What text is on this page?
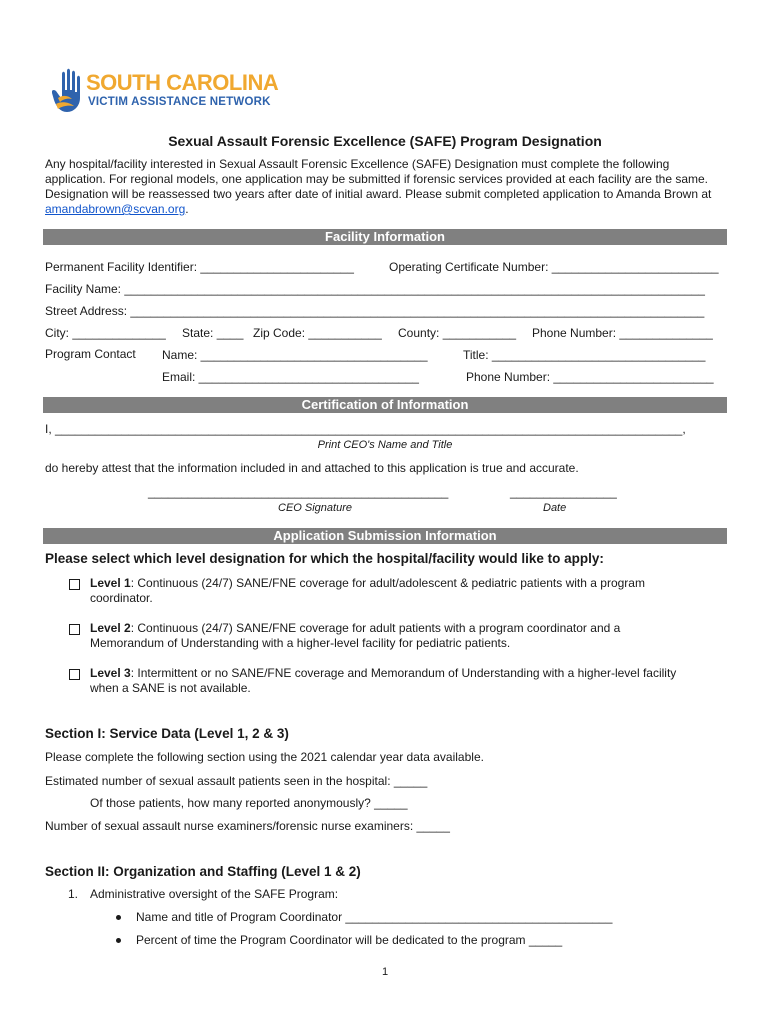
SOUTH CAROLINA
VICTIM ASSISTANCE NETWORK
Sexual Assault Forensic Excellence (SAFE) Program Designation
Any hospital/facility interested in Sexual Assault Forensic Excellence (SAFE) Designation must complete the following application. For regional models, one application may be submitted if forensic services provided at each facility are the same. Designation will be reassessed two years after date of initial award. Please submit completed application to Amanda Brown at amandabrown@scvan.org.
Facility Information
Permanent Facility Identifier: _______________________	Operating Certificate Number: _________________________
Facility Name: _______________________________________________________________________________________
Street Address: ______________________________________________________________________________________
City: ______________ State: ____ Zip Code: ___________ County: ___________ Phone Number: ______________
Program Contact Name: __________________________________	Title: ________________________________
Email: _________________________________	Phone Number: ________________________
Certification of Information
I, ______________________________________________________________________________________________,
Print CEO's Name and Title
do hereby attest that the information included in and attached to this application is true and accurate.
_____________________________________________	________________
CEO Signature	Date
Application Submission Information
Please select which level designation for which the hospital/facility would like to apply:
Level 1: Continuous (24/7) SANE/FNE coverage for adult/adolescent & pediatric patients with a program coordinator.
Level 2: Continuous (24/7) SANE/FNE coverage for adult patients with a program coordinator and a Memorandum of Understanding with a higher-level facility for pediatric patients.
Level 3: Intermittent or no SANE/FNE coverage and Memorandum of Understanding with a higher-level facility when a SANE is not available.
Section I: Service Data (Level 1, 2 & 3)
Please complete the following section using the 2021 calendar year data available.
Estimated number of sexual assault patients seen in the hospital: _____
Of those patients, how many reported anonymously? _____
Number of sexual assault nurse examiners/forensic nurse examiners: _____
Section II: Organization and Staffing (Level 1 & 2)
1. Administrative oversight of the SAFE Program:
Name and title of Program Coordinator ________________________________________
Percent of time the Program Coordinator will be dedicated to the program _____
1
